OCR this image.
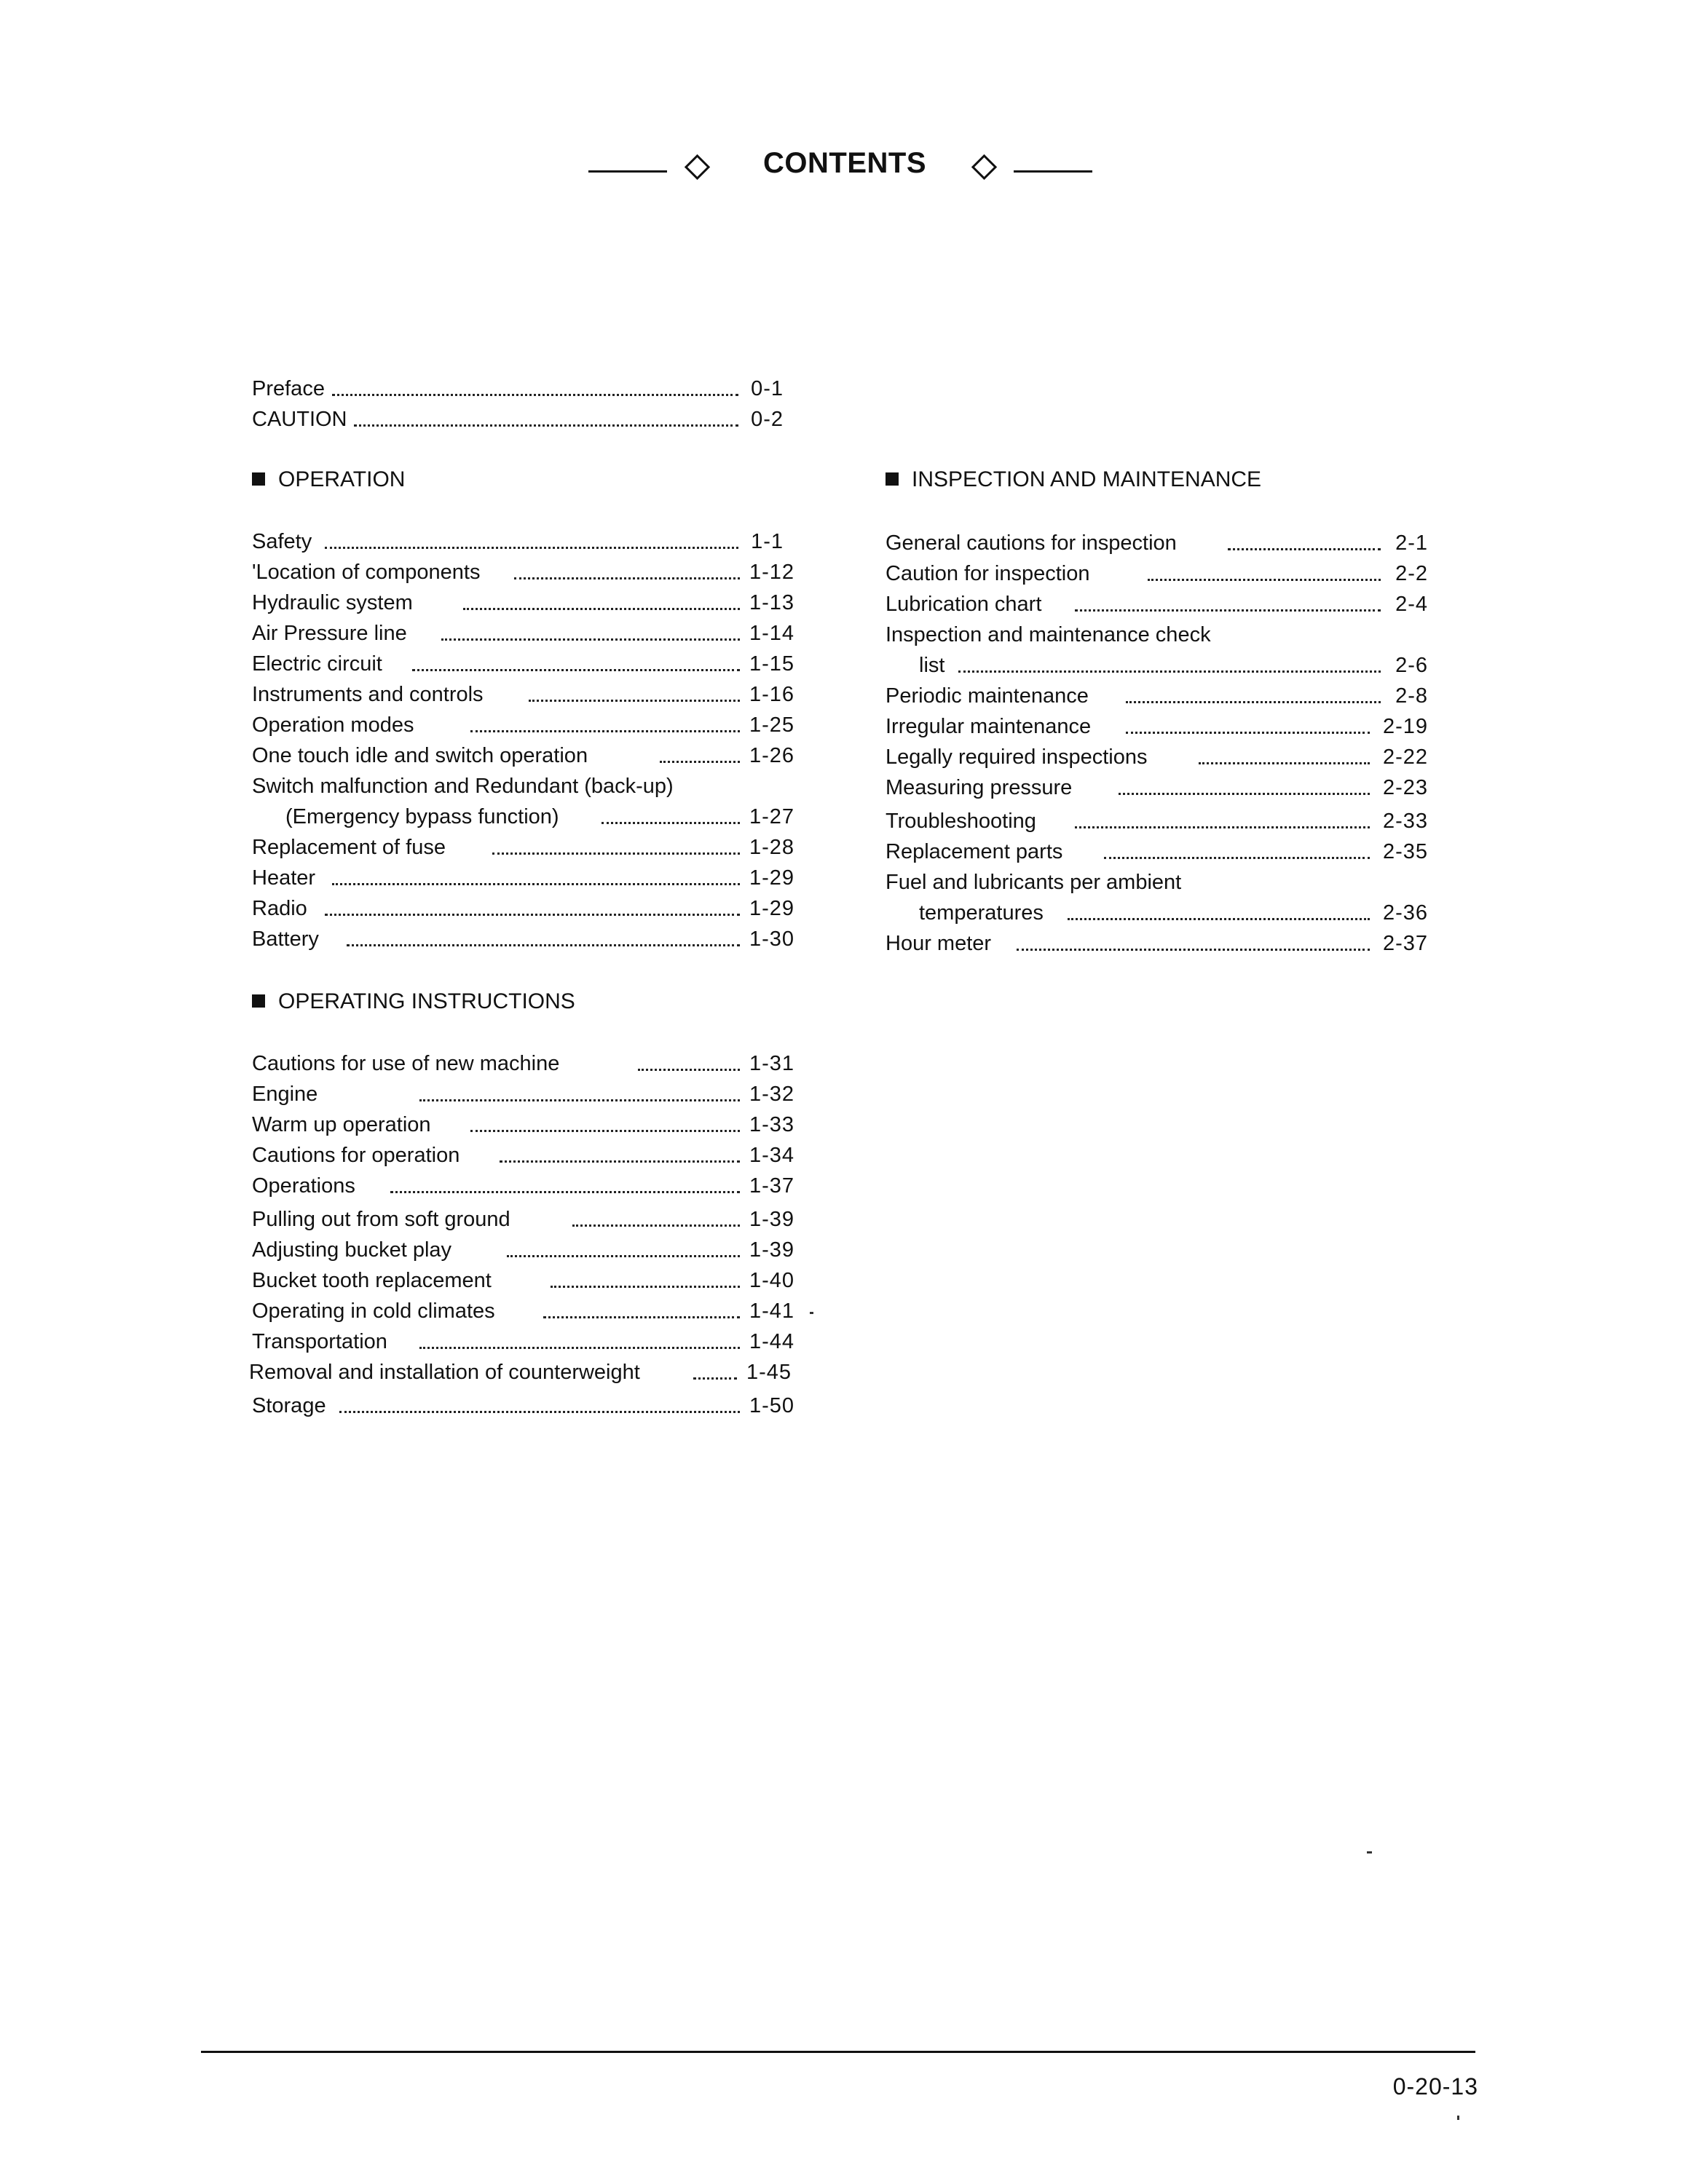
CONTENTS
Preface	0-1
CAUTION	0-2
OPERATION
Safety	1-1
'Location of components	1-12
Hydraulic system	1-13
Air Pressure line	1-14
Electric circuit	1-15
Instruments and controls	1-16
Operation modes	1-25
One touch idle and switch operation	1-26
Switch malfunction and Redundant (back-up)
(Emergency bypass function)	1-27
Replacement of fuse	1-28
Heater	1-29
Radio	1-29
Battery	1-30
OPERATING INSTRUCTIONS
Cautions for use of new machine	1-31
Engine	1-32
Warm up operation	1-33
Cautions for operation	1-34
Operations	1-37
Pulling out from soft ground	1-39
Adjusting bucket play	1-39
Bucket tooth replacement	1-40
Operating in cold climates	1-41
Transportation	1-44
Removal and installation of counterweight	1-45
Storage	1-50
INSPECTION AND MAINTENANCE
General cautions for inspection	2-1
Caution for inspection	2-2
Lubrication chart	2-4
Inspection and maintenance check
list	2-6
Periodic maintenance	2-8
Irregular maintenance	2-19
Legally required inspections	2-22
Measuring pressure	2-23
Troubleshooting	2-33
Replacement parts	2-35
Fuel and lubricants per ambient
temperatures	2-36
Hour meter	2-37
0-20-13
